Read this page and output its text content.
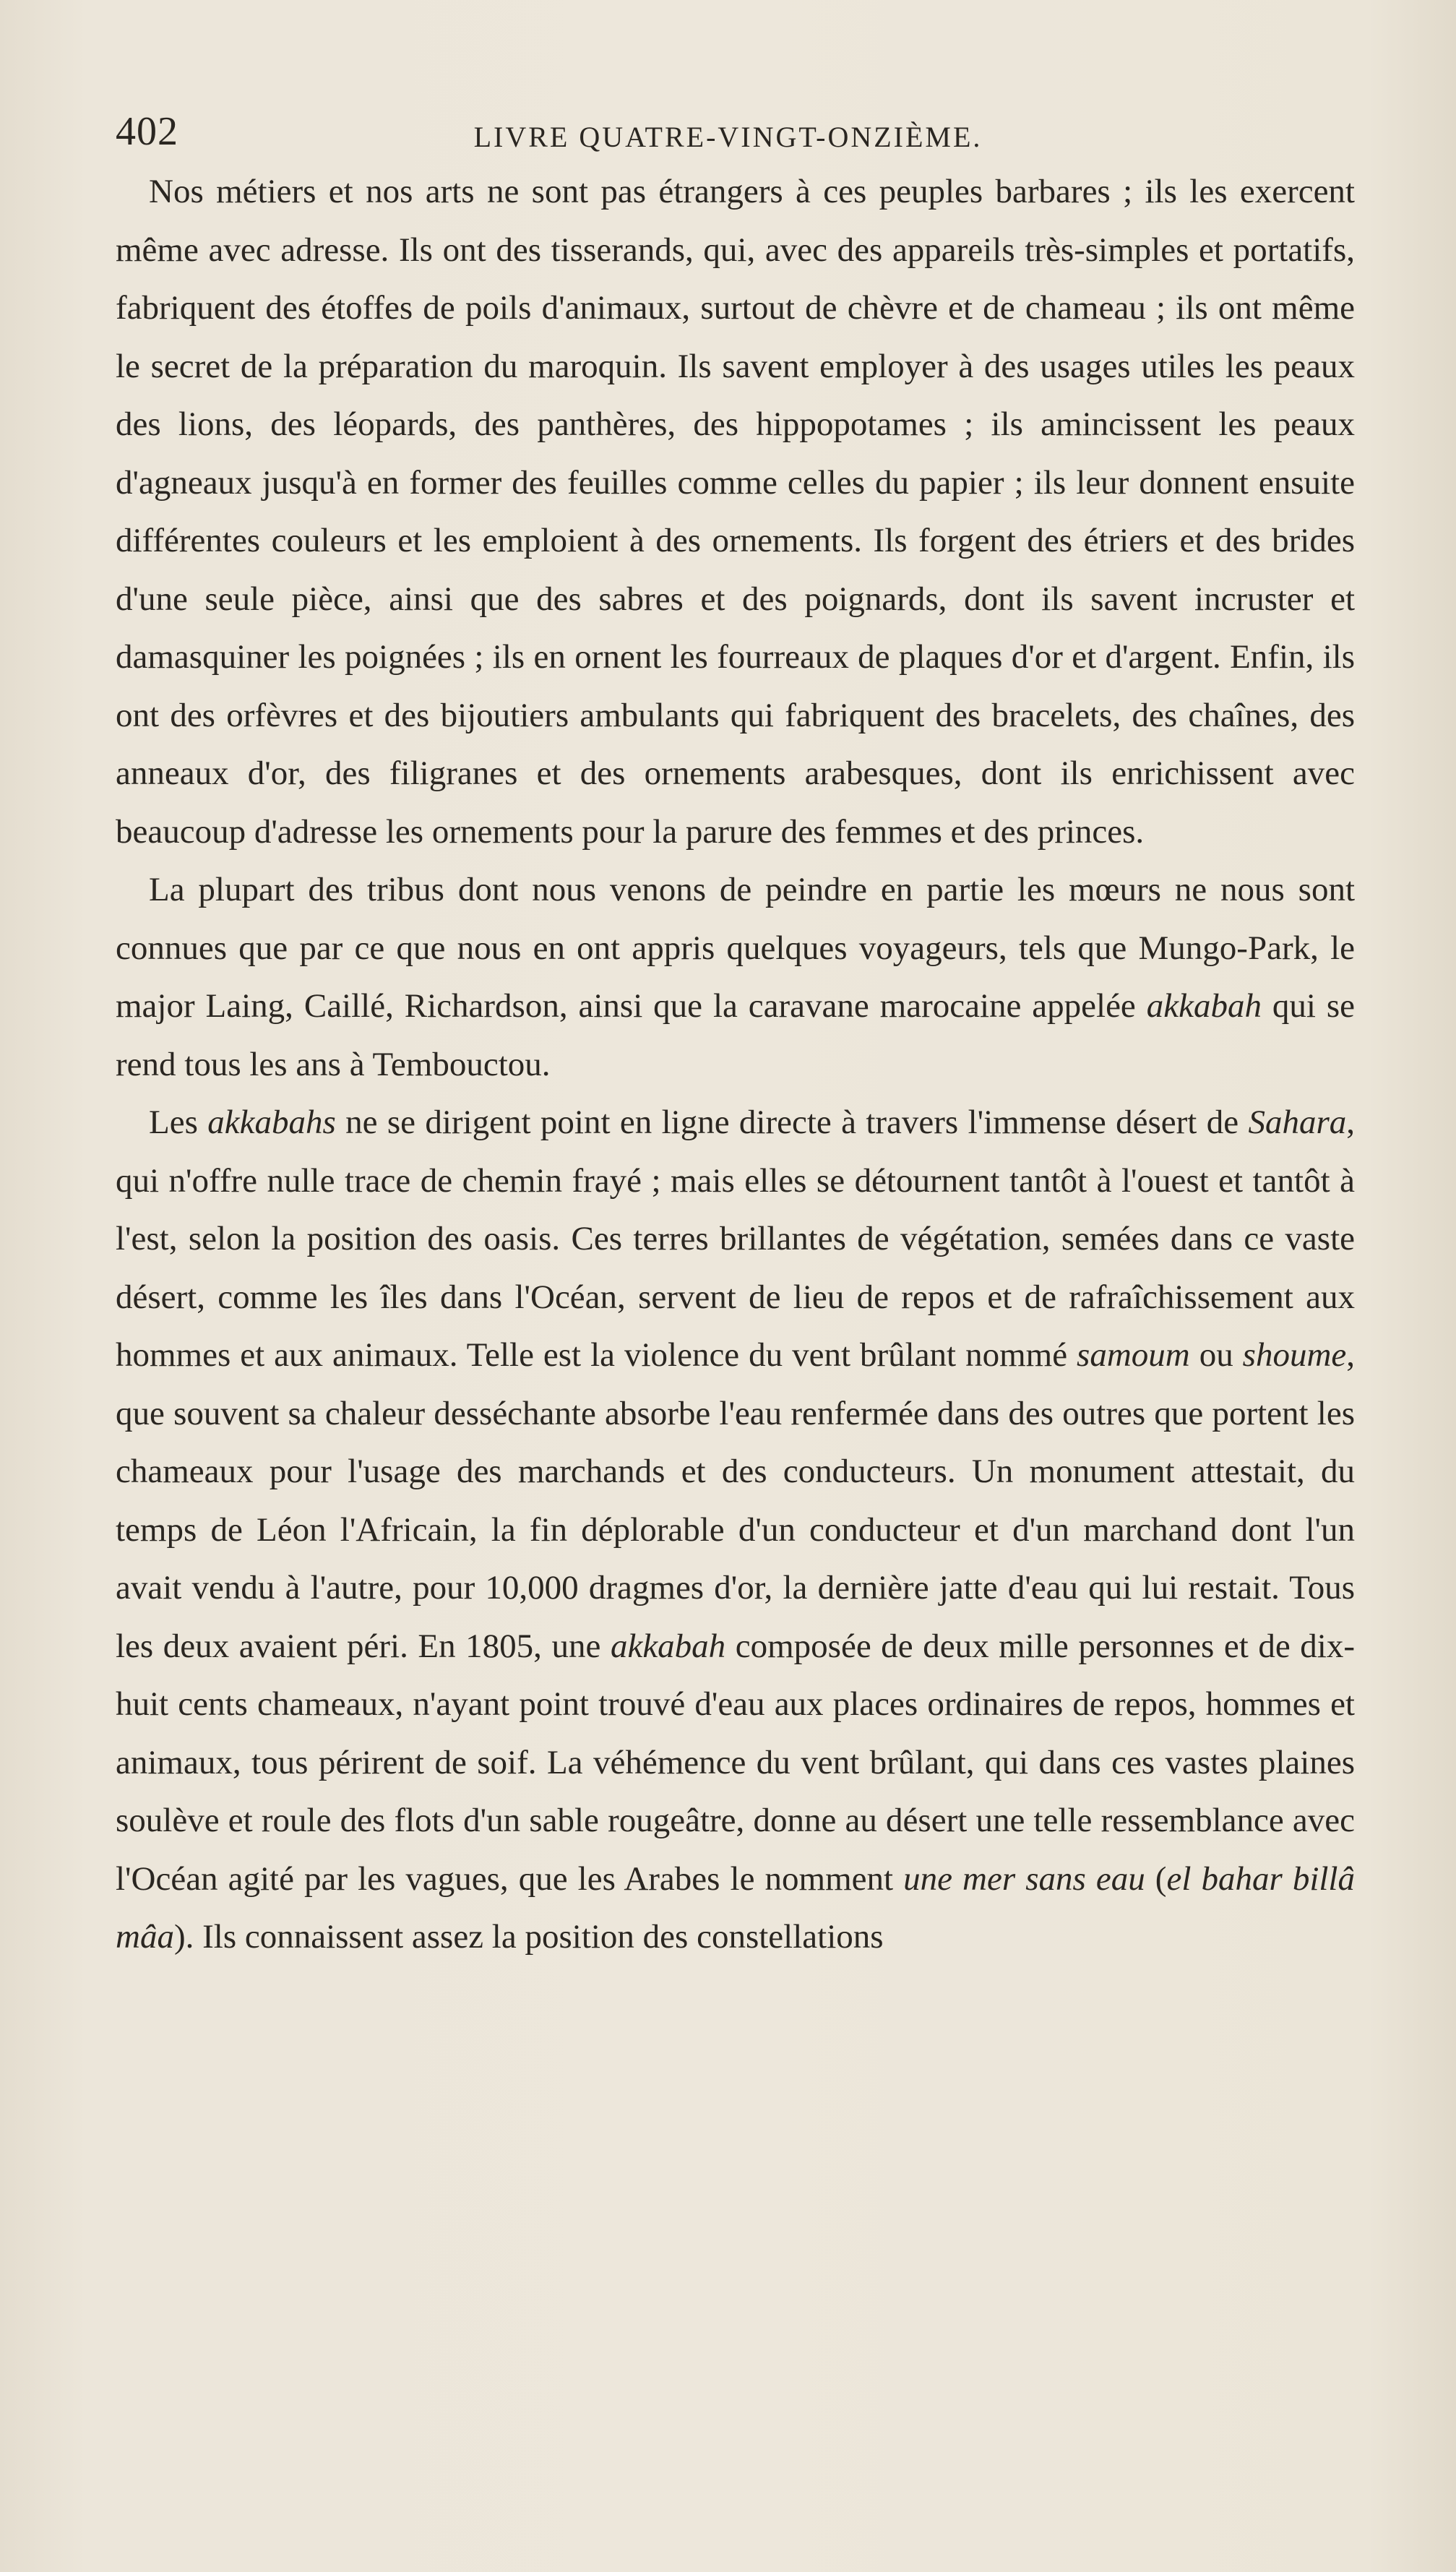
402	LIVRE QUATRE-VINGT-ONZIÈME.

Nos métiers et nos arts ne sont pas étrangers à ces peuples barbares ; ils les exercent même avec adresse. Ils ont des tisserands, qui, avec des appareils très-simples et portatifs, fabriquent des étoffes de poils d'animaux, surtout de chèvre et de chameau ; ils ont même le secret de la préparation du maroquin. Ils savent employer à des usages utiles les peaux des lions, des léopards, des panthères, des hippopotames ; ils amincissent les peaux d'agneaux jusqu'à en former des feuilles comme celles du papier ; ils leur donnent ensuite différentes couleurs et les emploient à des ornements. Ils forgent des étriers et des brides d'une seule pièce, ainsi que des sabres et des poignards, dont ils savent incruster et damasquiner les poignées ; ils en ornent les fourreaux de plaques d'or et d'argent. Enfin, ils ont des orfèvres et des bijoutiers ambulants qui fabriquent des bracelets, des chaînes, des anneaux d'or, des filigranes et des ornements arabesques, dont ils enrichissent avec beaucoup d'adresse les ornements pour la parure des femmes et des princes.

La plupart des tribus dont nous venons de peindre en partie les mœurs ne nous sont connues que par ce que nous en ont appris quelques voyageurs, tels que Mungo-Park, le major Laing, Caillé, Richardson, ainsi que la caravane marocaine appelée akkabah qui se rend tous les ans à Tembouctou.

Les akkabahs ne se dirigent point en ligne directe à travers l'immense désert de Sahara, qui n'offre nulle trace de chemin frayé ; mais elles se détournent tantôt à l'ouest et tantôt à l'est, selon la position des oasis. Ces terres brillantes de végétation, semées dans ce vaste désert, comme les îles dans l'Océan, servent de lieu de repos et de rafraîchissement aux hommes et aux animaux. Telle est la violence du vent brûlant nommé samoum ou shoume, que souvent sa chaleur desséchante absorbe l'eau renfermée dans des outres que portent les chameaux pour l'usage des marchands et des conducteurs. Un monument attestait, du temps de Léon l'Africain, la fin déplorable d'un conducteur et d'un marchand dont l'un avait vendu à l'autre, pour 10,000 dragmes d'or, la dernière jatte d'eau qui lui restait. Tous les deux avaient péri. En 1805, une akkabah composée de deux mille personnes et de dix-huit cents chameaux, n'ayant point trouvé d'eau aux places ordinaires de repos, hommes et animaux, tous périrent de soif. La véhémence du vent brûlant, qui dans ces vastes plaines soulève et roule des flots d'un sable rougeâtre, donne au désert une telle ressemblance avec l'Océan agité par les vagues, que les Arabes le nomment une mer sans eau (el bahar billâ mâa). Ils connaissent assez la position des constellations
